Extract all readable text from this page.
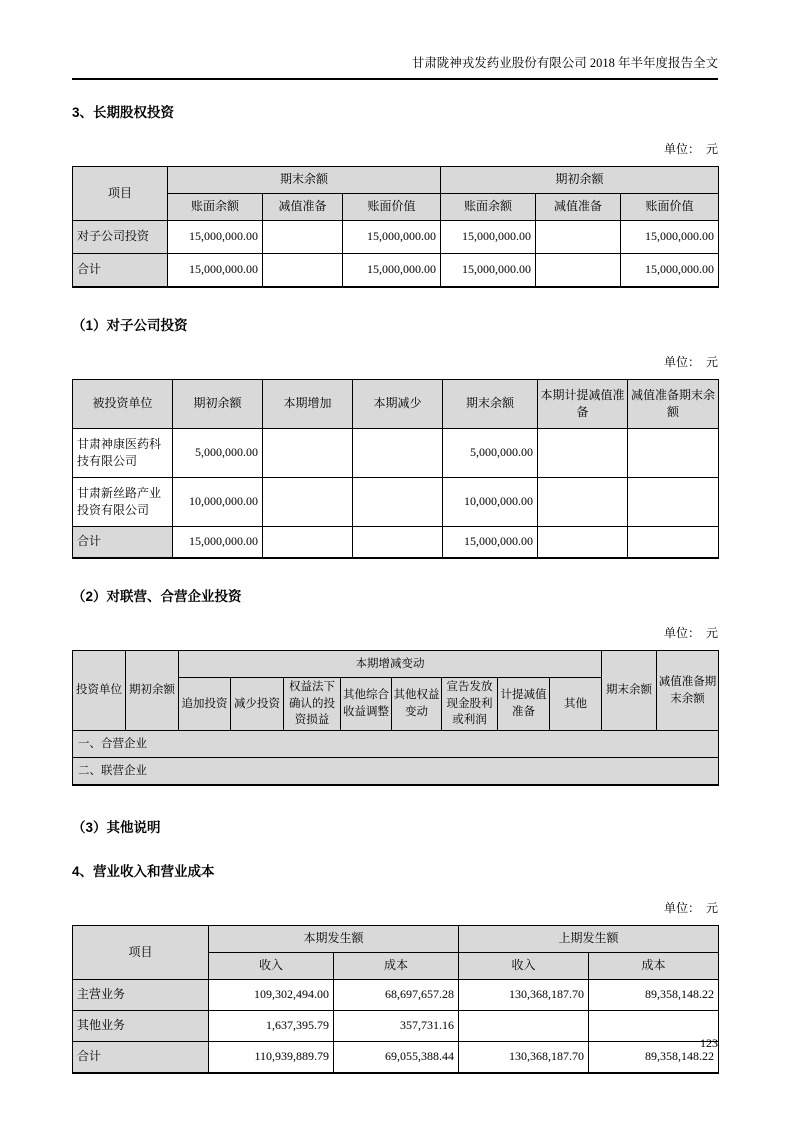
甘肃陇神戎发药业股份有限公司 2018 年半年度报告全文
3、长期股权投资
单位：　元
项目	期末余额			期初余额		
	账面余额	减值准备	账面价值	账面余额	减值准备	账面价值
对子公司投资	15,000,000.00		15,000,000.00	15,000,000.00		15,000,000.00
合计	15,000,000.00		15,000,000.00	15,000,000.00		15,000,000.00
（1）对子公司投资
单位：　元
被投资单位	期初余额	本期增加	本期减少	期末余额	本期计提减值准备	减值准备期末余额
甘肃神康医药科技有限公司	5,000,000.00			5,000,000.00		
甘肃新丝路产业投资有限公司	10,000,000.00			10,000,000.00		
合计	15,000,000.00			15,000,000.00		
（2）对联营、合营企业投资
单位：　元
投资单位	期初余额	本期增减变动								期末余额	减值准备期末余额
		追加投资	减少投资	权益法下确认的投资损益	其他综合收益调整	其他权益变动	宣告发放现金股利或利润	计提减值准备	其他		
一、合营企业											
二、联营企业											
（3）其他说明
4、营业收入和营业成本
单位：　元
项目	本期发生额		上期发生额	
	收入	成本	收入	成本
主营业务	109,302,494.00	68,697,657.28	130,368,187.70	89,358,148.22
其他业务	1,637,395.79	357,731.16		
合计	110,939,889.79	69,055,388.44	130,368,187.70	89,358,148.22
123
